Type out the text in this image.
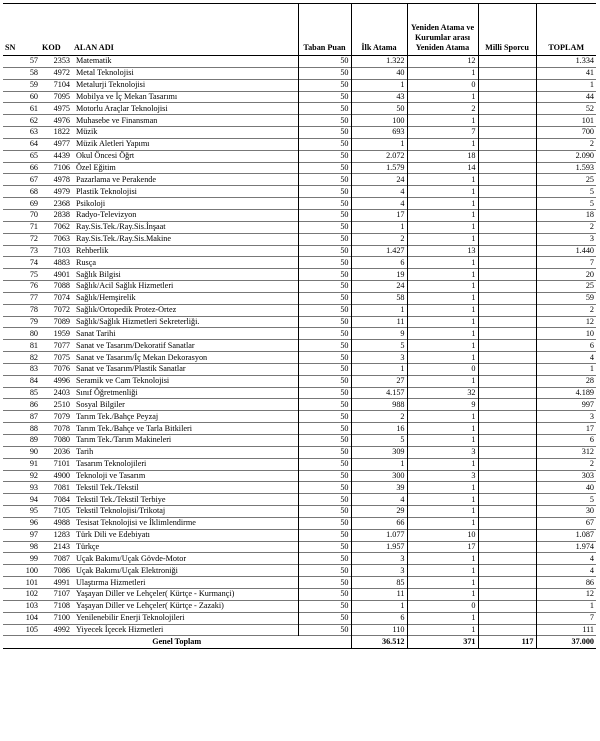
SN	KOD	ALAN ADI	Taban Puan	İlk Atama	Yeniden Atama ve Kurumlar arası Yeniden Atama	Milli Sporcu	TOPLAM
57	2353	Matematik	50	1.322	12		1.334
58	4972	Metal Teknolojisi	50	40	1		41
59	7104	Metalurji Teknolojisi	50	1	0		1
60	7095	Mobilya ve İç Mekan Tasarımı	50	43	1		44
61	4975	Motorlu Araçlar Teknolojisi	50	50	2		52
62	4976	Muhasebe ve Finansman	50	100	1		101
63	1822	Müzik	50	693	7		700
64	4977	Müzik Aletleri Yapımı	50	1	1		2
65	4439	Okul Öncesi Öğrt	50	2.072	18		2.090
66	7106	Özel Eğitim	50	1.579	14		1.593
67	4978	Pazarlama ve Perakende	50	24	1		25
68	4979	Plastik Teknolojisi	50	4	1		5
69	2368	Psikoloji	50	4	1		5
70	2838	Radyo-Televizyon	50	17	1		18
71	7062	Ray.Sis.Tek./Ray.Sis.İnşaat	50	1	1		2
72	7063	Ray.Sis.Tek./Ray.Sis.Makine	50	2	1		3
73	7103	Rehberlik	50	1.427	13		1.440
74	4883	Rusça	50	6	1		7
75	4901	Sağlık Bilgisi	50	19	1		20
76	7088	Sağlık/Acil Sağlık Hizmetleri	50	24	1		25
77	7074	Sağlık/Hemşirelik	50	58	1		59
78	7072	Sağlık/Ortopedik Protez-Ortez	50	1	1		2
79	7089	Sağlık/Sağlık Hizmetleri Sekreterliği.	50	11	1		12
80	1959	Sanat Tarihi	50	9	1		10
81	7077	Sanat ve Tasarım/Dekoratif Sanatlar	50	5	1		6
82	7075	Sanat ve Tasarım/İç Mekan Dekorasyon	50	3	1		4
83	7076	Sanat ve Tasarım/Plastik Sanatlar	50	1	0		1
84	4996	Seramik ve Cam Teknolojisi	50	27	1		28
85	2403	Sınıf Öğretmenliği	50	4.157	32		4.189
86	2510	Sosyal Bilgiler	50	988	9		997
87	7079	Tarım Tek./Bahçe Peyzaj	50	2	1		3
88	7078	Tarım Tek./Bahçe ve Tarla Bitkileri	50	16	1		17
89	7080	Tarım Tek./Tarım Makineleri	50	5	1		6
90	2036	Tarih	50	309	3		312
91	7101	Tasarım Teknolojileri	50	1	1		2
92	4900	Teknoloji ve Tasarım	50	300	3		303
93	7081	Tekstil Tek./Tekstil	50	39	1		40
94	7084	Tekstil Tek./Tekstil Terbiye	50	4	1		5
95	7105	Tekstil Teknolojisi/Trikotaj	50	29	1		30
96	4988	Tesisat Teknolojisi ve İklimlendirme	50	66	1		67
97	1283	Türk Dili ve Edebiyatı	50	1.077	10		1.087
98	2143	Türkçe	50	1.957	17		1.974
99	7087	Uçak Bakımı/Uçak Gövde-Motor	50	3	1		4
100	7086	Uçak Bakımı/Uçak Elektroniği	50	3	1		4
101	4991	Ulaştırma Hizmetleri	50	85	1		86
102	7107	Yaşayan Diller ve Lehçeler( Kürtçe - Kurmançi)	50	11	1		12
103	7108	Yaşayan Diller ve Lehçeler( Kürtçe - Zazaki)	50	1	0		1
104	7100	Yenilenebilir Enerji Teknolojileri	50	6	1		7
105	4992	Yiyecek İçecek Hizmetleri	50	110	1		111
Genel Toplam				36.512	371	117	37.000
